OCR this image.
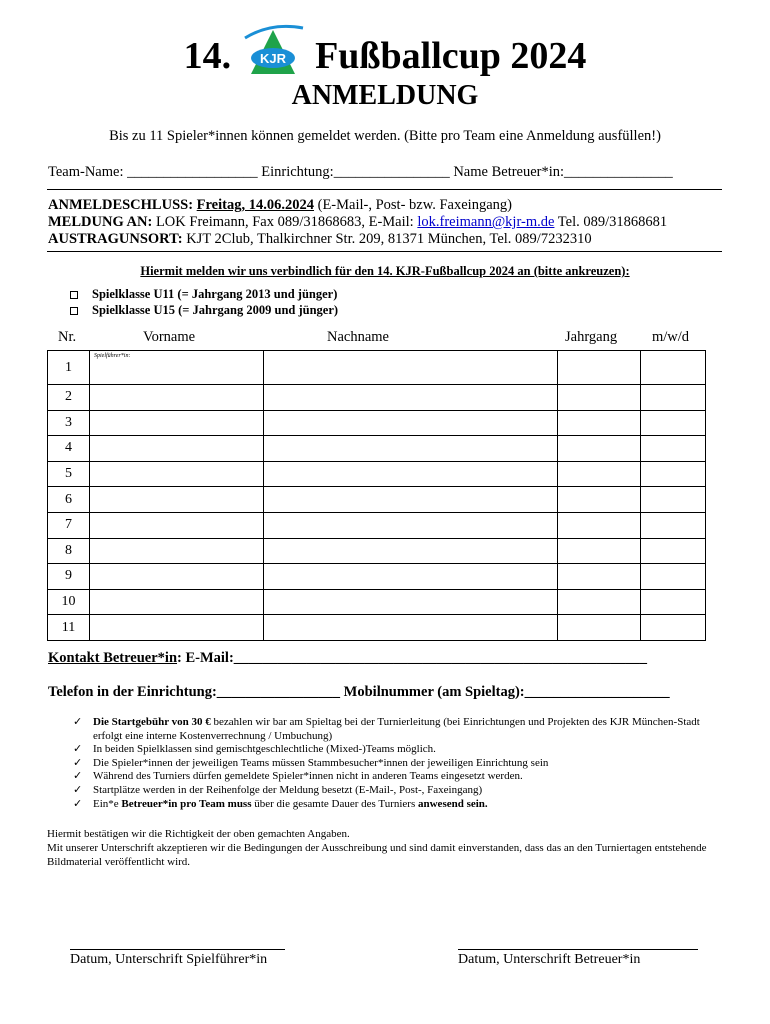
14. KJR Fußballcup 2024
ANMELDUNG
Bis zu 11 Spieler*innen können gemeldet werden. (Bitte pro Team eine Anmeldung ausfüllen!)
Team-Name: __________________ Einrichtung:________________ Name Betreuer*in:_______________
ANMELDESCHLUSS: Freitag, 14.06.2024 (E-Mail-, Post- bzw. Faxeingang)
MELDUNG AN: LOK Freimann, Fax 089/31868683, E-Mail: lok.freimann@kjr-m.de Tel. 089/31868681
AUSTRAGUNSORT: KJT 2Club, Thalkirchner Str. 209, 81371 München, Tel. 089/7232310
Hiermit melden wir uns verbindlich für den 14. KJR-Fußballcup 2024 an (bitte ankreuzen):
Spielklasse U11 (= Jahrgang 2013 und jünger)
Spielklasse U15 (= Jahrgang 2009 und jünger)
Nr.	Vorname	Nachname	Jahrgang m/w/d
1	Spielführer*in:			

2				
3				
4				
5				
6				
7				
8				
9				
10				
11				
Kontakt Betreuer*in: E-Mail:_________________________________________________________
Telefon in der Einrichtung:_________________ Mobilnummer (am Spieltag):____________________
✓ Die Startgebühr von 30 € bezahlen wir bar am Spieltag bei der Turnierleitung (bei Einrichtungen und Projekten des KJR München-Stadt erfolgt eine interne Kostenverrechnung / Umbuchung)
✓ In beiden Spielklassen sind gemischtgeschlechtliche (Mixed-)Teams möglich.
✓ Die Spieler*innen der jeweiligen Teams müssen Stammbesucher*innen der jeweiligen Einrichtung sein
✓ Während des Turniers dürfen gemeldete Spieler*innen nicht in anderen Teams eingesetzt werden.
✓ Startplätze werden in der Reihenfolge der Meldung besetzt (E-Mail-, Post-, Faxeingang)
✓ Ein*e Betreuer*in pro Team muss über die gesamte Dauer des Turniers anwesend sein.
Hiermit bestätigen wir die Richtigkeit der oben gemachten Angaben.
Mit unserer Unterschrift akzeptieren wir die Bedingungen der Ausschreibung und sind damit einverstanden, dass das an den Turniertagen entstehende Bildmaterial veröffentlicht wird.
Datum, Unterschrift Spielführer*in	Datum, Unterschrift Betreuer*in
